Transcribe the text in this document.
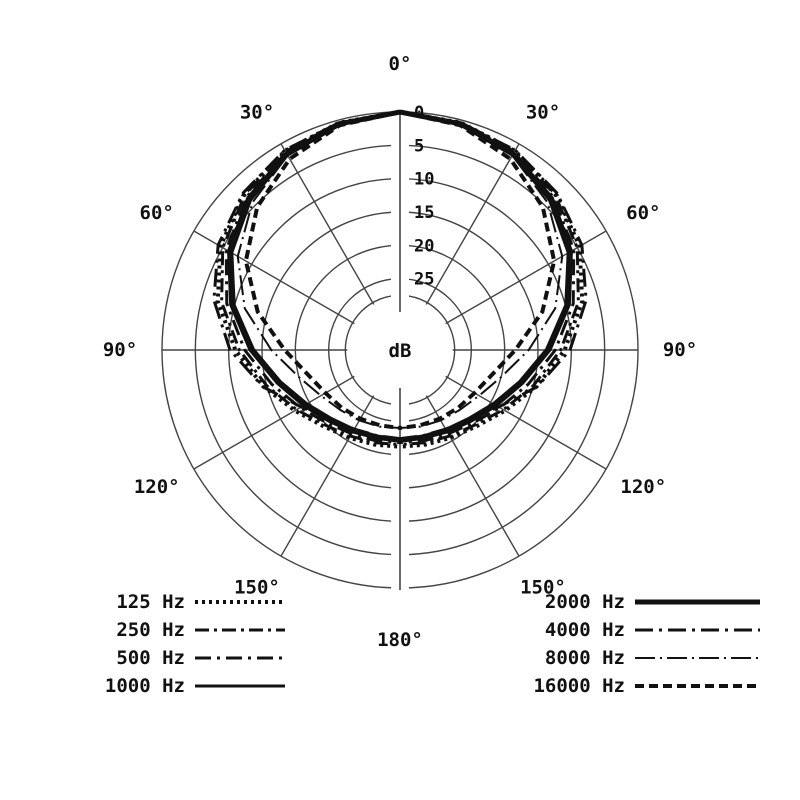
0
5
10
15
20
25
0°
180°
30°
30°
60°
60°
90°
90°
120°
120°
150°
150°
125 Hz
250 Hz
500 Hz
1000 Hz
2000 Hz
4000 Hz
8000 Hz
16000 Hz
dB
